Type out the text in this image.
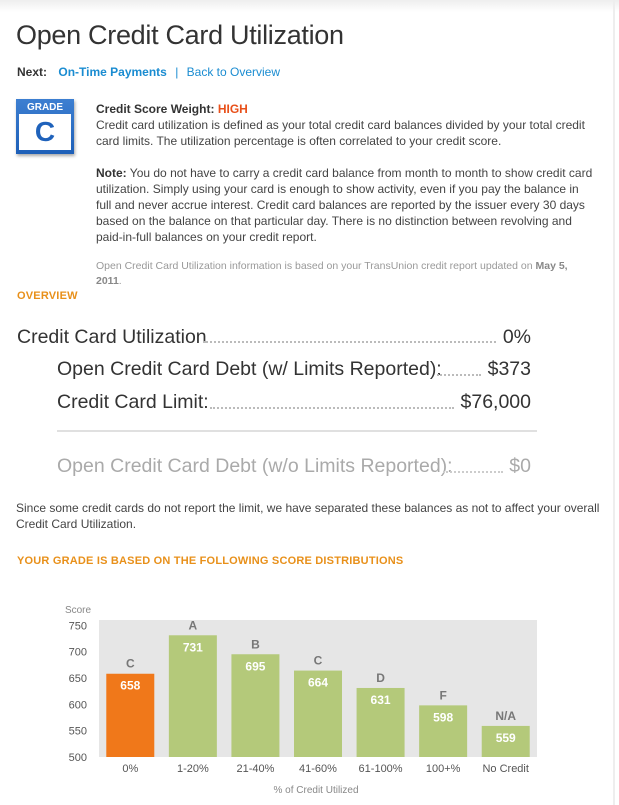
Open Credit Card Utilization
Next: On-Time Payments | Back to Overview
GRADE
C

Credit Score Weight: HIGH
Credit card utilization is defined as your total credit card balances divided by your total credit card limits. The utilization percentage is often correlated to your credit score.

Note: You do not have to carry a credit card balance from month to month to show credit card utilization. Simply using your card is enough to show activity, even if you pay the balance in full and never accrue interest. Credit card balances are reported by the issuer every 30 days based on the balance on that particular day. There is no distinction between revolving and paid-in-full balances on your credit report.

Open Credit Card Utilization information is based on your TransUnion credit report updated on May 5, 2011.
OVERVIEW
Credit Card Utilization	0%
Open Credit Card Debt (w/ Limits Reported):	$373
Credit Card Limit:	$76,000
Open Credit Card Debt (w/o Limits Reported):	$0
Since some credit cards do not report the limit, we have separated these balances as not to affect your overall Credit Card Utilization.
YOUR GRADE IS BASED ON THE FOLLOWING SCORE DISTRIBUTIONS
Score
% of Credit Utilized
750
700
650
600
550
500
658
C
0%
731
A
1-20%
695
B
21-40%
664
C
41-60%
631
D
61-100%
598
F
100+%
559
N/A
No Credit
